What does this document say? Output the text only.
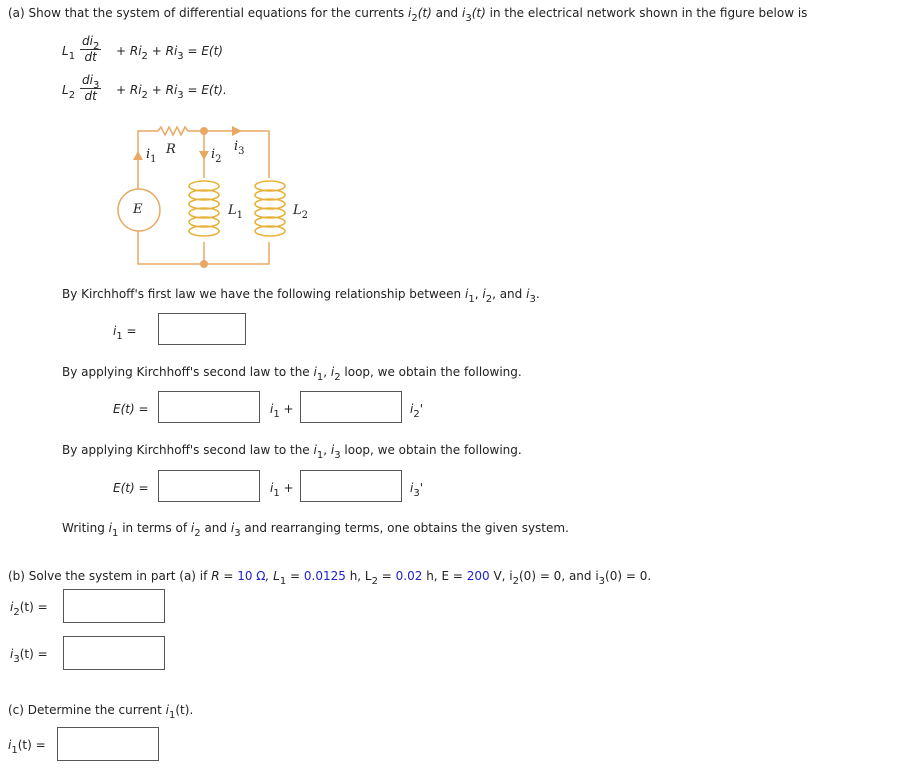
(a) Show that the system of differential equations for the currents $i_2(t)$ and $i_3(t)$ in the electrical network shown in the figure below is
$L_1 \frac{di_2}{dt} + Ri_2 + Ri_3 = E(t)$
$L_2 \frac{di_3}{dt} + Ri_2 + Ri_3 = E(t)$.
$i_1$
R	$i_2$
$i_3$
E	$L_1$	$L_2$
By Kirchhoff's first law we have the following relationship between $i_1$, $i_2$, and $i_3$.
$i_1$ =
By applying Kirchhoff's second law to the $i_1$, $i_2$ loop, we obtain the following.
E(t) =	$i_1$ +	$i_2'$
By applying Kirchhoff's second law to the $i_1$, $i_3$ loop, we obtain the following.
E(t) =	$i_1$ +	$i_3'$
Writing $i_1$ in terms of $i_2$ and $i_3$ and rearranging terms, one obtains the given system.
(b) Solve the system in part (a) if R = 10 Ω, $L_1 = 0.0125$ h, $L_2 = 0.02$ h, E = 200 V, $i_2(0) = 0$, and $i_3(0) = 0$.
$i_2(t)$ =
$i_3(t)$ =
(c) Determine the current $i_1(t)$.
$i_1(t)$ =
